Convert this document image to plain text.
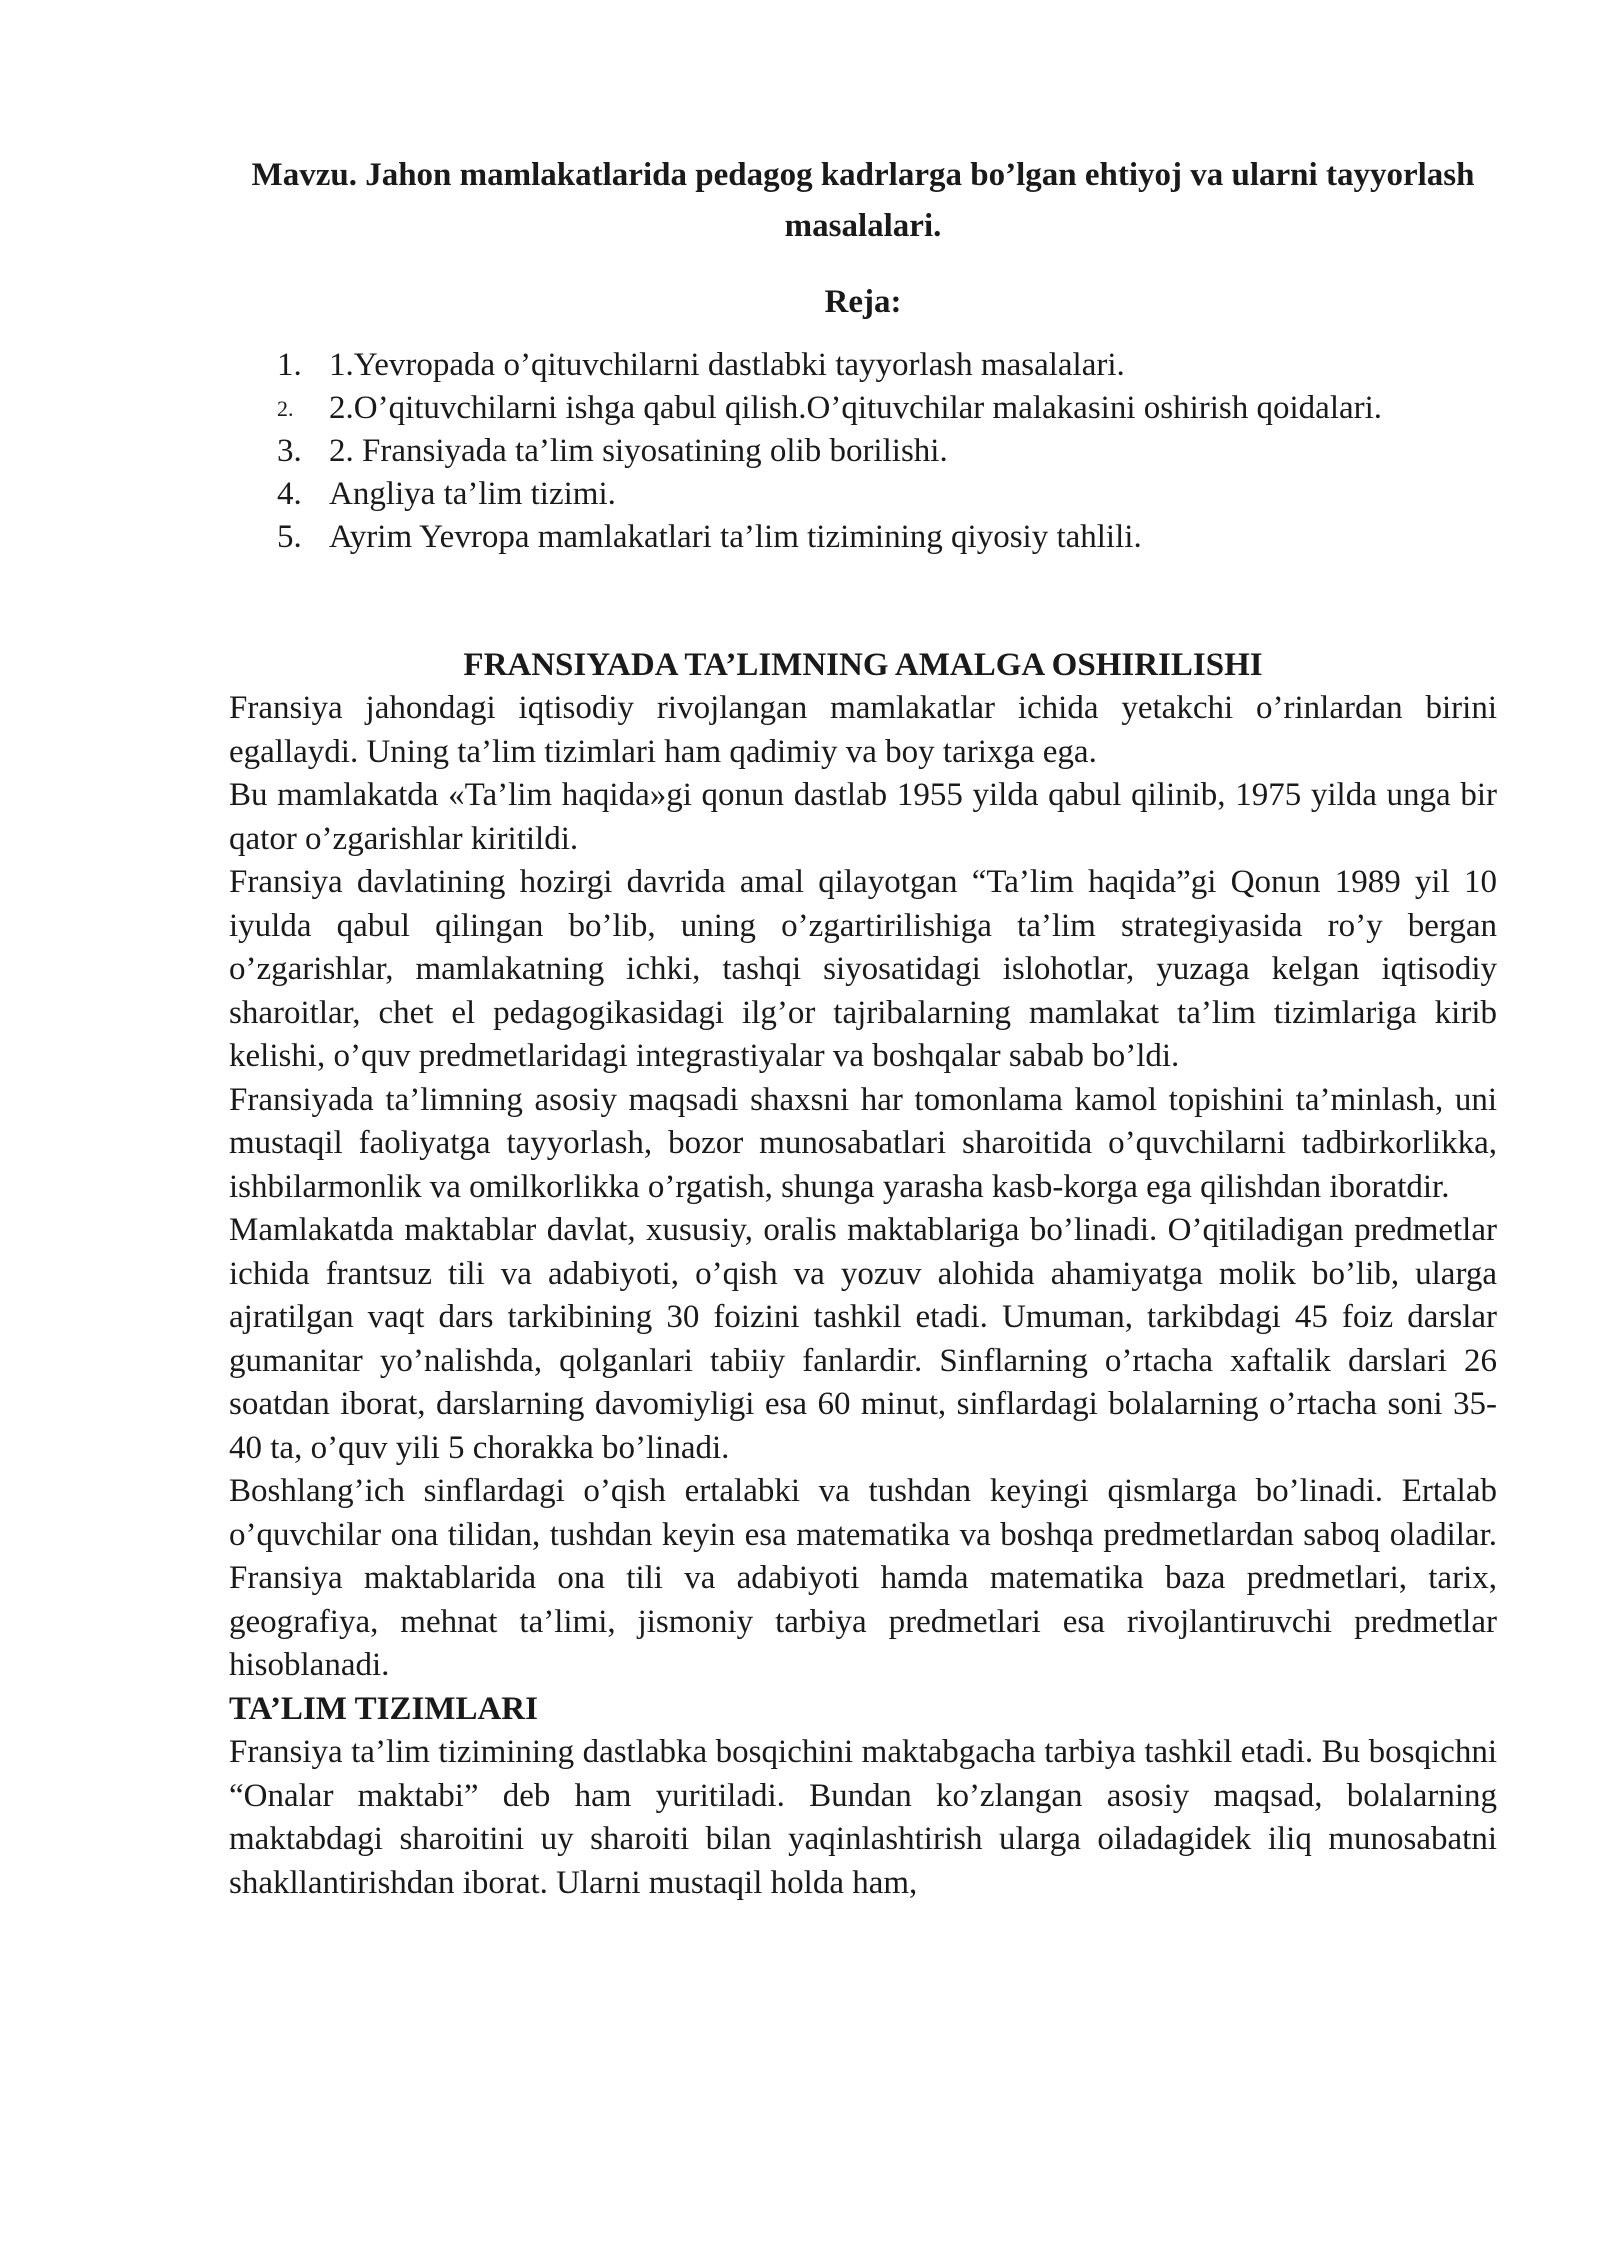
Mavzu. Jahon mamlakatlarida pedagog kadrlarga bo’lgan ehtiyoj va ularni tayyorlash masalalari.
Reja:
1. 1.Yevropada o’qituvchilarni dastlabki tayyorlash masalalari.
2. 2.O’qituvchilarni ishga qabul qilish.O’qituvchilar malakasini oshirish qoidalari.
3. 2. Fransiyada ta’lim siyosatining olib borilishi.
4. Angliya ta’lim tizimi.
5. Ayrim Yevropa mamlakatlari ta’lim tizimining qiyosiy tahlili.
FRANSIYADA TA’LIMNING AMALGA OSHIRILISHI

Fransiya jahondagi iqtisodiy rivojlangan mamlakatlar ichida yetakchi o’rinlardan birini egallaydi. Uning ta’lim tizimlari ham qadimiy va boy tarixga ega.

Bu mamlakatda «Ta’lim haqida»gi qonun dastlab 1955 yilda qabul qilinib, 1975 yilda unga bir qator o’zgarishlar kiritildi.

Fransiya davlatining hozirgi davrida amal qilayotgan “Ta’lim haqida”gi Qonun 1989 yil 10 iyulda qabul qilingan bo’lib, uning o’zgartirilishiga ta’lim strategiyasida ro’y bergan o’zgarishlar, mamlakatning ichki, tashqi siyosatidagi islohotlar, yuzaga kelgan iqtisodiy sharoitlar, chet el pedagogikasidagi ilg’or tajribalarning mamlakat ta’lim tizimlariga kirib kelishi, o’quv predmetlaridagi integrastiyalar va boshqalar sabab bo’ldi.

Fransiyada ta’limning asosiy maqsadi shaxsni har tomonlama kamol topishini ta’minlash, uni mustaqil faoliyatga tayyorlash, bozor munosabatlari sharoitida o’quvchilarni tadbirkorlikka, ishbilarmonlik va omilkorlikka o’rgatish, shunga yarasha kasb-korga ega qilishdan iboratdir.

Mamlakatda maktablar davlat, xususiy, oralis maktablariga bo’linadi. O’qitiladigan predmetlar ichida frantsuz tili va adabiyoti, o’qish va yozuv alohida ahamiyatga molik bo’lib, ularga ajratilgan vaqt dars tarkibining 30 foizini tashkil etadi. Umuman, tarkibdagi 45 foiz darslar gumanitar yo’nalishda, qolganlari tabiiy fanlardir. Sinflarning o’rtacha xaftalik darslari 26 soatdan iborat, darslarning davomiyligi esa 60 minut, sinflardagi bolalarning o’rtacha soni 35-40 ta, o’quv yili 5 chorakka bo’linadi.

Boshlang’ich sinflardagi o’qish ertalabki va tushdan keyingi qismlarga bo’linadi. Ertalab o’quvchilar ona tilidan, tushdan keyin esa matematika va boshqa predmetlardan saboq oladilar. Fransiya maktablarida ona tili va adabiyoti hamda matematika baza predmetlari, tarix, geografiya, mehnat ta’limi, jismoniy tarbiya predmetlari esa rivojlantiruvchi predmetlar hisoblanadi.

TA’LIM TIZIMLARI

Fransiya ta’lim tizimining dastlabka bosqichini maktabgacha tarbiya tashkil etadi. Bu bosqichni “Onalar maktabi” deb ham yuritiladi. Bundan ko’zlangan asosiy maqsad, bolalarning maktabdagi sharoitini uy sharoiti bilan yaqinlashtirish ularga oiladagidek iliq munosabatni shakllantirishdan iborat. Ularni mustaqil holda ham,
